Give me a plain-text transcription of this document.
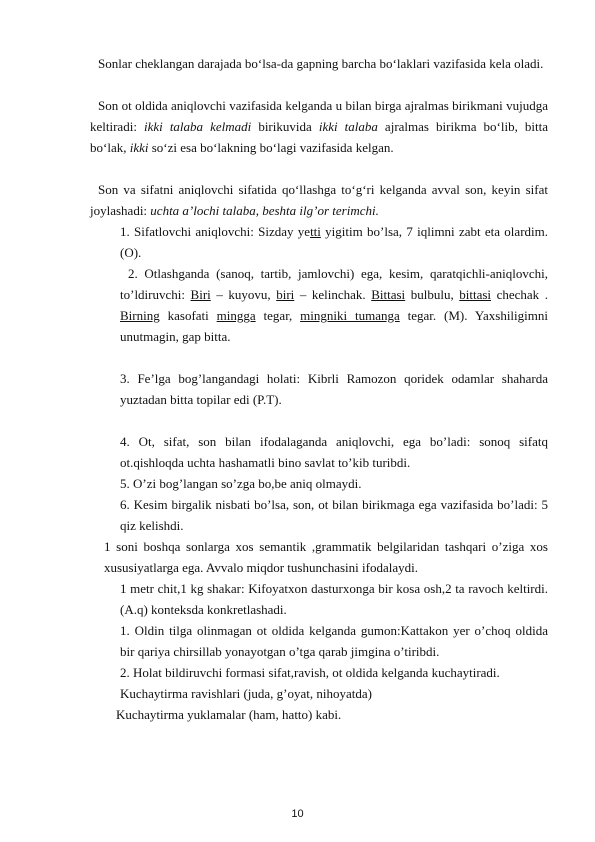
Sonlar cheklangan darajada bo‘lsa-da gapning barcha bo‘laklari vazifasida kela oladi.
Son ot oldida aniqlovchi vazifasida kelganda u bilan birga ajralmas birikmani vujudga keltiradi: ikki talaba kelmadi birikuvida ikki talaba ajralmas birikma bo‘lib, bitta bo‘lak, ikki so‘zi esa bo‘lakning bo‘lagi vazifasida kelgan.
Son va sifatni aniqlovchi sifatida qo‘llashga to‘g‘ri kelganda avval son, keyin sifat joylashadi: uchta a’lochi talaba, beshta ilg’or terimchi.
1. Sifatlovchi aniqlovchi: Sizday yetti yigitim bo’lsa, 7 iqlimni zabt eta olardim.(O).
2. Otlashganda (sanoq, tartib, jamlovchi) ega, kesim, qaratqichli-aniqlovchi, to’ldiruvchi: Biri – kuyovu, biri – kelinchak. Bittasi bulbulu, bittasi chechak . Birning kasofati mingga tegar, mingniki tumanga tegar. (M). Yaxshiligimni unutmagin, gap bitta.
3. Fe’lga bog’langandagi holati: Kibrli Ramozon qoridek odamlar shaharda yuztadan bitta topilar edi (P.T).
4. Ot, sifat, son bilan ifodalaganda aniqlovchi, ega bo’ladi: sonoq sifatq ot.qishloqda uchta hashamatli bino savlat to’kib turibdi.
5. O’zi bog’langan so’zga bo,be aniq olmaydi.
6. Kesim birgalik nisbati bo’lsa, son, ot bilan birikmaga ega vazifasida bo’ladi: 5 qiz kelishdi.
1 soni boshqa sonlarga xos semantik ,grammatik belgilaridan tashqari o’ziga xos xususiyatlarga ega. Avvalo miqdor tushunchasini ifodalaydi.
1 metr chit,1 kg shakar: Kifoyatxon dasturxonga bir kosa osh,2 ta ravoch keltirdi.(A.q) konteksda konkretlashadi.
1. Oldin tilga olinmagan ot oldida kelganda gumon:Kattakon yer o’choq oldida bir qariya chirsillab yonayotgan o’tga qarab jimgina o’tiribdi.
2. Holat bildiruvchi formasi sifat,ravish, ot oldida kelganda kuchaytiradi.
Kuchaytirma ravishlari (juda, g’oyat, nihoyatda)
Kuchaytirma yuklamalar (ham, hatto) kabi.
10
